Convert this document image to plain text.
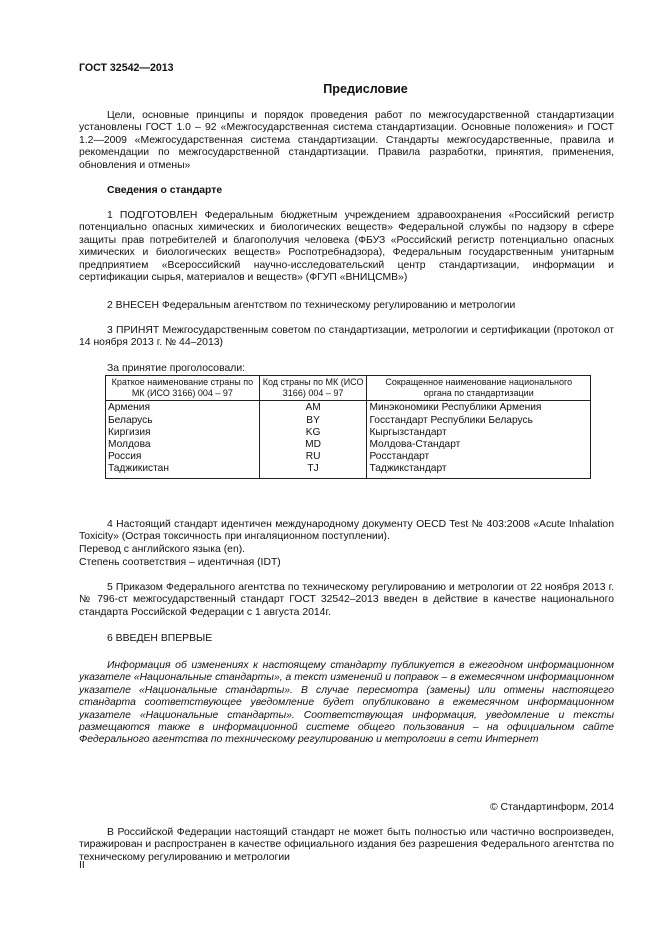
ГОСТ 32542—2013
Предисловие
Цели, основные принципы и порядок проведения работ по межгосударственной стандартизации установлены ГОСТ 1.0 – 92 «Межгосударственная система стандартизации. Основные положения» и ГОСТ 1.2—2009 «Межгосударственная система стандартизации. Стандарты межгосударственные, правила и рекомендации по межгосударственной стандартизации. Правила разработки, принятия, применения, обновления и отмены»
Сведения о стандарте
1 ПОДГОТОВЛЕН Федеральным бюджетным учреждением здравоохранения «Российский регистр потенциально опасных химических и биологических веществ» Федеральной службы по надзору в сфере защиты прав потребителей и благополучия человека (ФБУЗ «Российский регистр потенциально опасных химических и биологических веществ» Роспотребнадзора), Федеральным государственным унитарным предприятием «Всероссийский научно-исследовательский центр стандартизации, информации и сертификации сырья, материалов и веществ» (ФГУП «ВНИЦСМВ»)
2 ВНЕСЕН Федеральным агентством по техническому регулированию и метрологии
3 ПРИНЯТ Межгосударственным советом по стандартизации, метрологии и сертификации (протокол от 14 ноября 2013 г. № 44–2013)
За принятие проголосовали:
Краткое наименование страны по МК (ИСО 3166) 004 – 97	Код страны по МК (ИСО 3166) 004 – 97	Сокращенное наименование национального органа по стандартизации
Армения	AM	Минэкономики Республики Армения
Беларусь	BY	Госстандарт Республики Беларусь
Киргизия	KG	Кыргызстандарт
Молдова	MD	Молдова-Стандарт
Россия	RU	Росстандарт
Таджикистан	TJ	Таджикстандарт
4 Настоящий стандарт идентичен международному документу OECD Test № 403:2008 «Acute Inhalation Toxicity» (Острая токсичность при ингаляционном поступлении).
Перевод с английского языка (en).
Степень соответствия – идентичная (IDT)
5 Приказом Федерального агентства по техническому регулированию и метрологии от 22 ноября 2013 г. № 796-ст межгосударственный стандарт ГОСТ 32542–2013 введен в действие в качестве национального стандарта Российской Федерации с 1 августа 2014г.
6 ВВЕДЕН ВПЕРВЫЕ
Информация об изменениях к настоящему стандарту публикуется в ежегодном информационном указателе «Национальные стандарты», а текст изменений и поправок – в ежемесячном информационном указателе «Национальные стандарты». В случае пересмотра (замены) или отмены настоящего стандарта соответствующее уведомление будет опубликовано в ежемесячном информационном указателе «Национальные стандарты». Соответствующая информация, уведомление и тексты размещаются также в информационной системе общего пользования – на официальном сайте Федерального агентства по техническому регулированию и метрологии в сети Интернет
© Стандартинформ, 2014
В Российской Федерации настоящий стандарт не может быть полностью или частично воспроизведен, тиражирован и распространен в качестве официального издания без разрешения Федерального агентства по техническому регулированию и метрологии
II
